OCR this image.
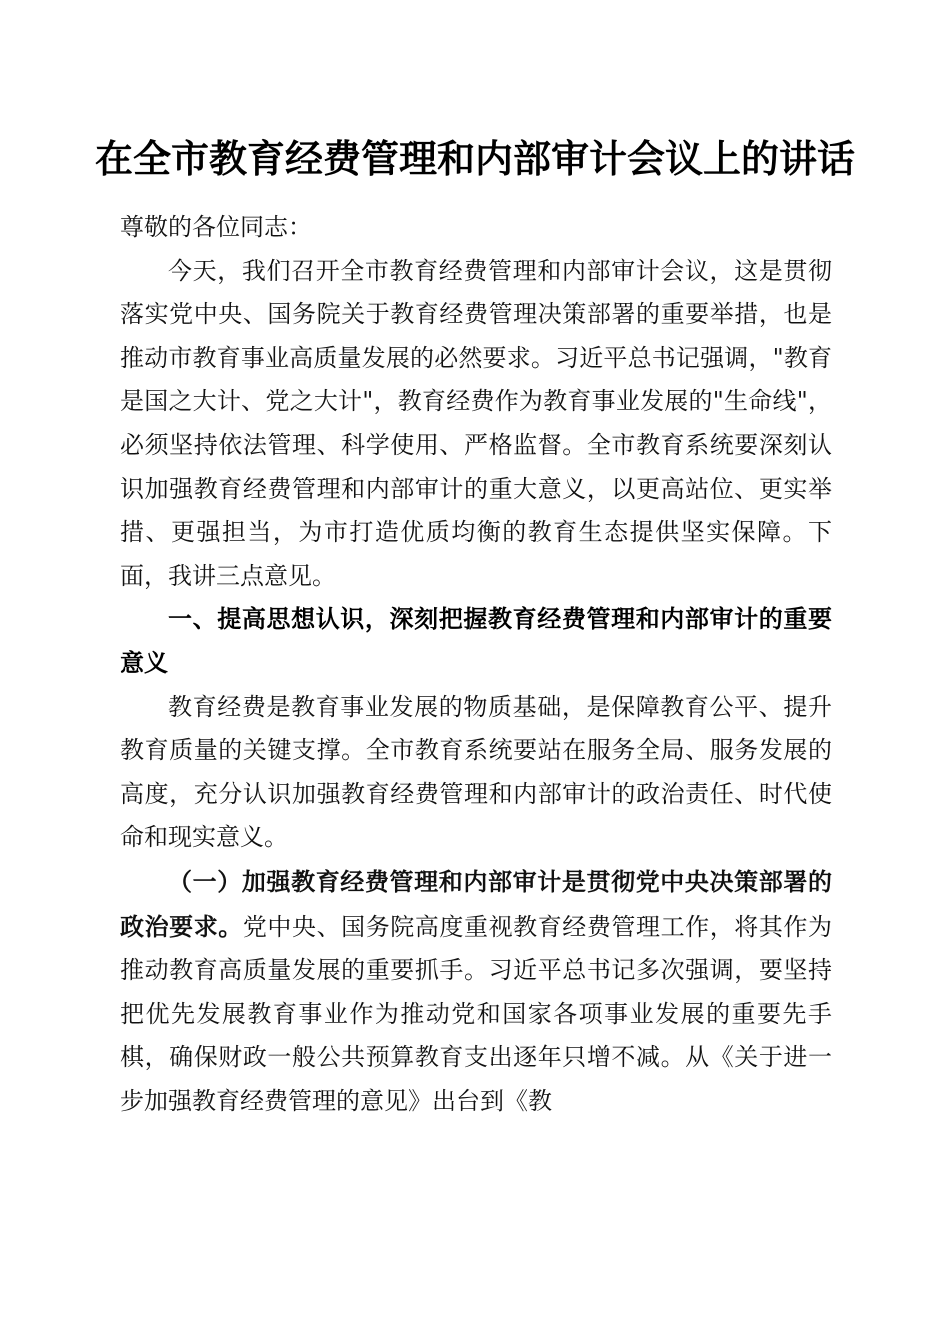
在全市教育经费管理和内部审计会议上的讲话

尊敬的各位同志：

今天，我们召开全市教育经费管理和内部审计会议，这是贯彻落实党中央、国务院关于教育经费管理决策部署的重要举措，也是推动市教育事业高质量发展的必然要求。习近平总书记强调，"教育是国之大计、党之大计"，教育经费作为教育事业发展的"生命线"，必须坚持依法管理、科学使用、严格监督。全市教育系统要深刻认识加强教育经费管理和内部审计的重大意义，以更高站位、更实举措、更强担当，为市打造优质均衡的教育生态提供坚实保障。下面，我讲三点意见。

一、提高思想认识，深刻把握教育经费管理和内部审计的重要意义

教育经费是教育事业发展的物质基础，是保障教育公平、提升教育质量的关键支撑。全市教育系统要站在服务全局、服务发展的高度，充分认识加强教育经费管理和内部审计的政治责任、时代使命和现实意义。

（一）加强教育经费管理和内部审计是贯彻党中央决策部署的政治要求。党中央、国务院高度重视教育经费管理工作，将其作为推动教育高质量发展的重要抓手。习近平总书记多次强调，要坚持把优先发展教育事业作为推动党和国家各项事业发展的重要先手棋，确保财政一般公共预算教育支出逐年只增不减。从《关于进一步加强教育经费管理的意见》出台到《教
